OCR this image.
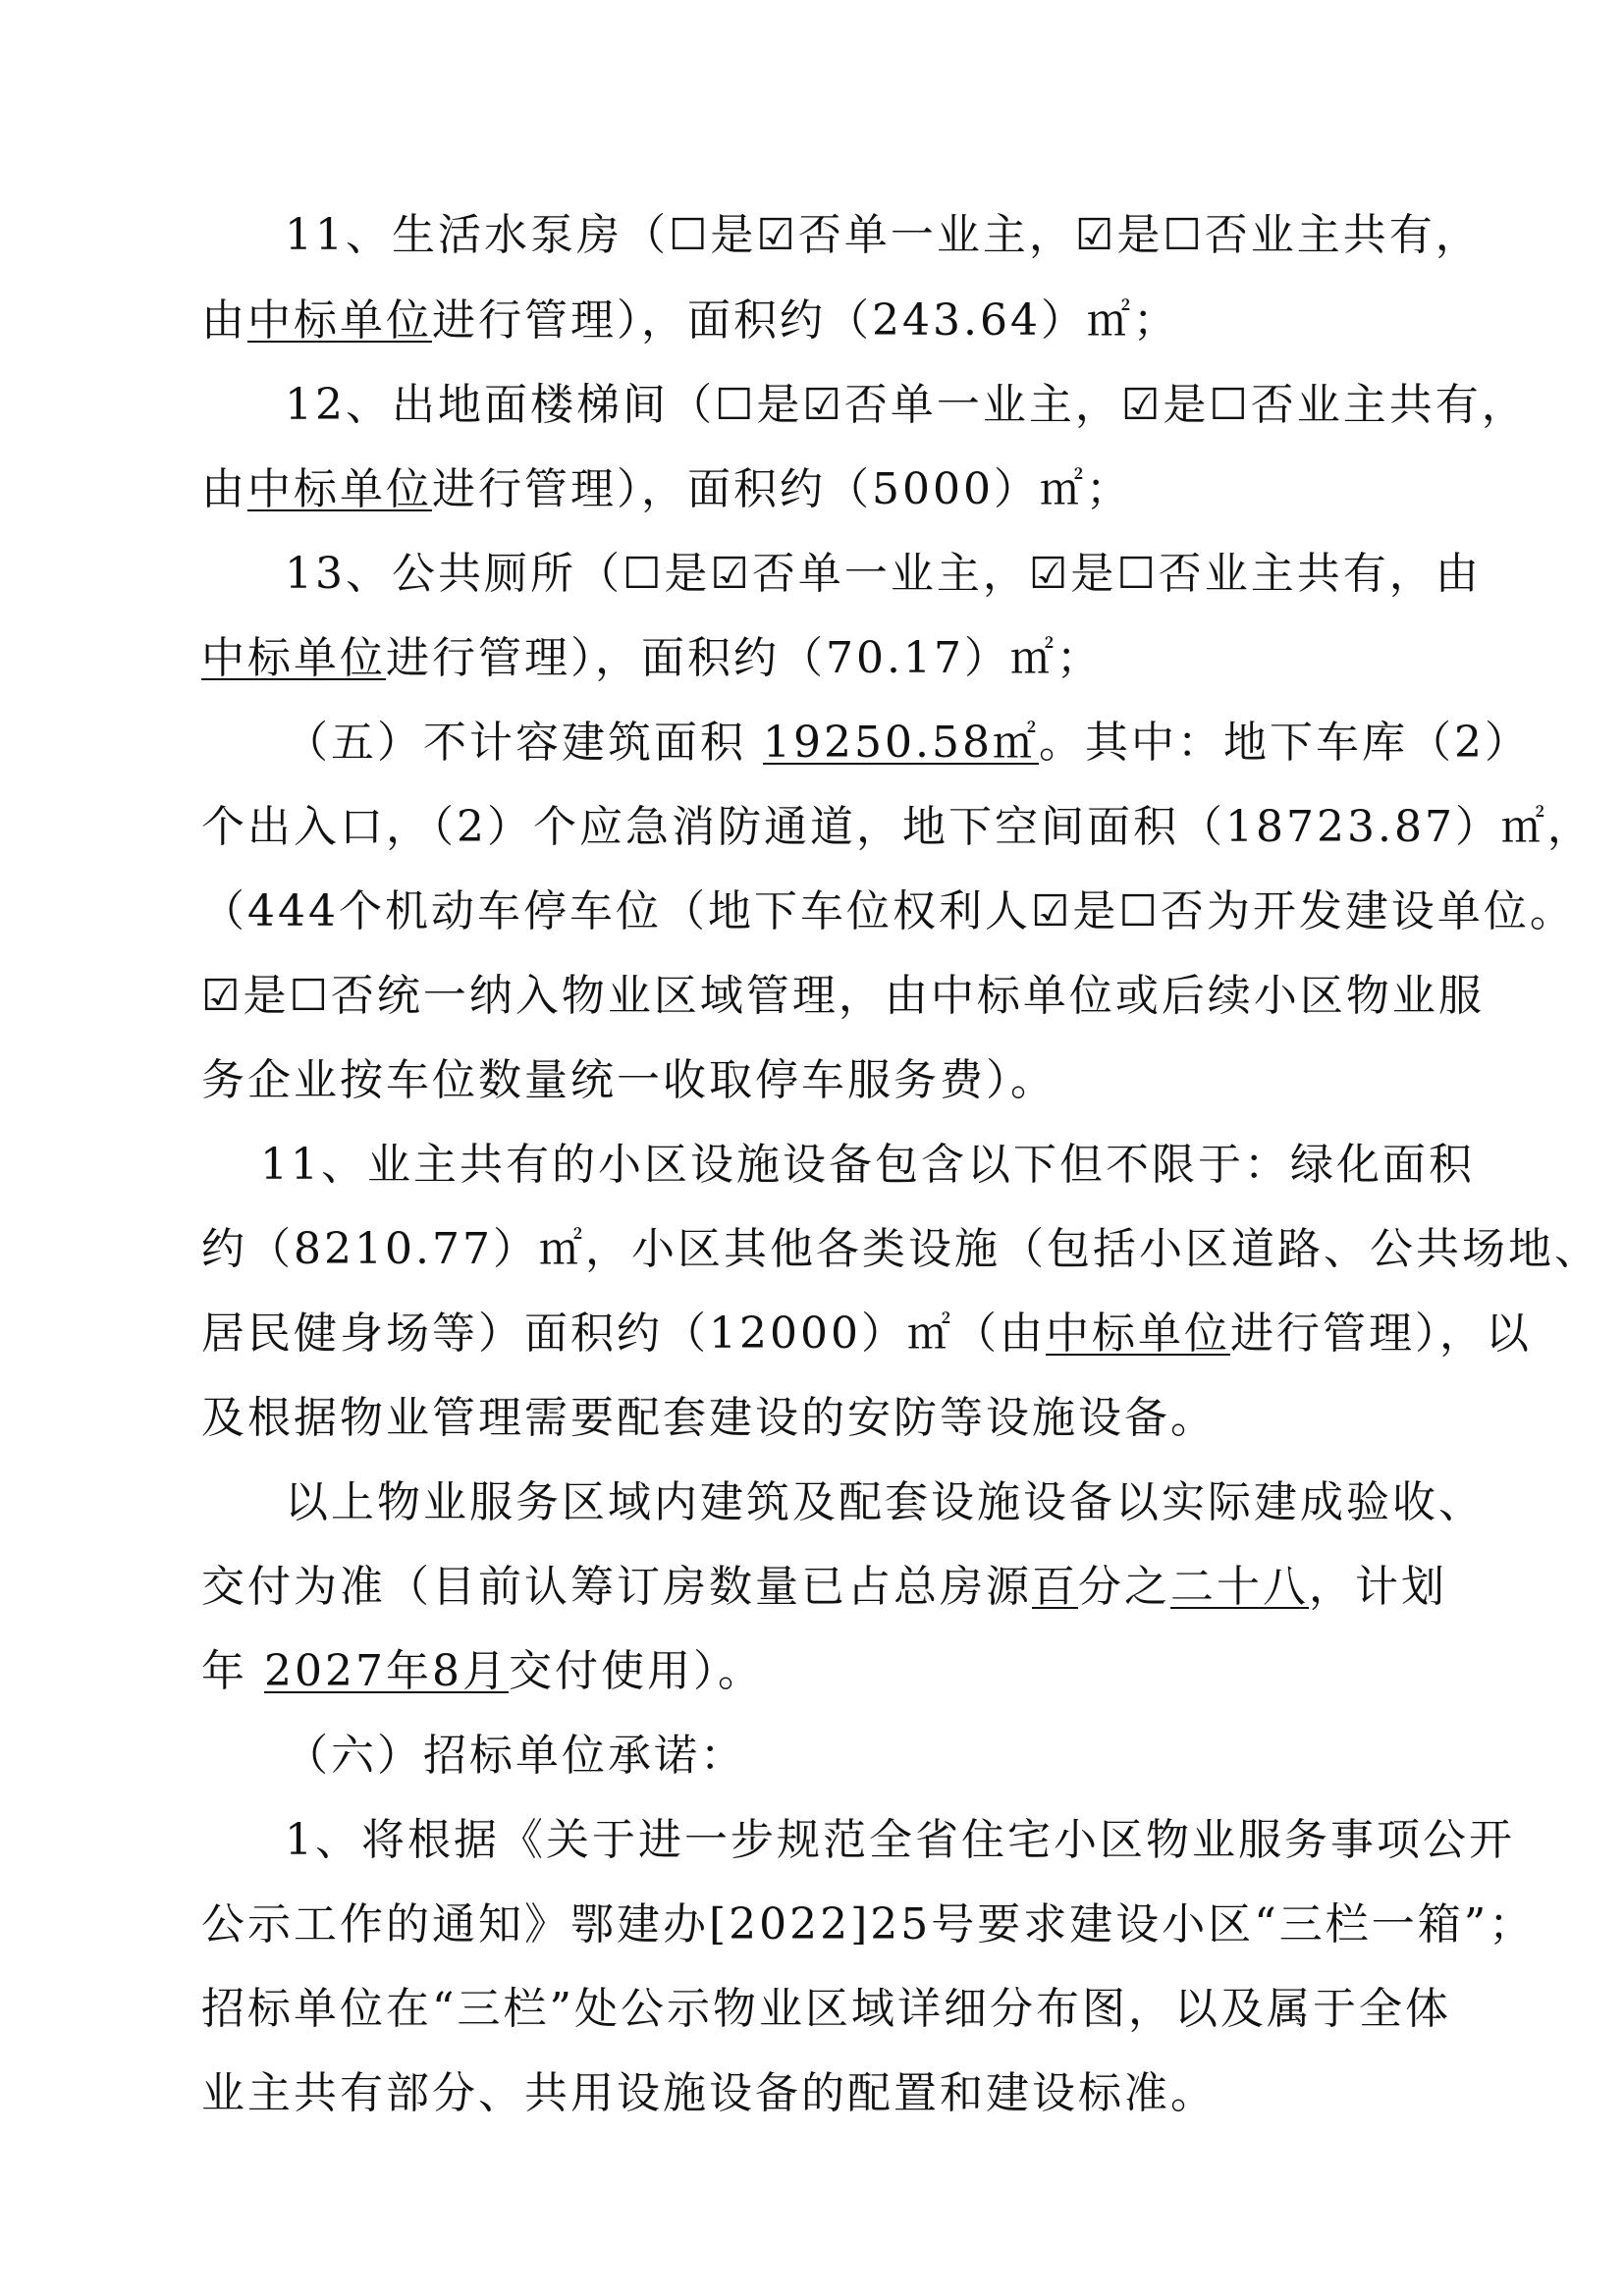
11、生活水泵房（☐是☑否单一业主，☑是☐否业主共有，
由中标单位进行管理），面积约（243.64）㎡；
12、出地面楼梯间（☐是☑否单一业主，☑是☐否业主共有，
由中标单位进行管理），面积约（5000）㎡；
13、公共厕所（☐是☑否单一业主，☑是☐否业主共有，由
中标单位进行管理），面积约（70.17）㎡；
（五）不计容建筑面积 19250.58㎡。其中：地下车库（2）
个出入口，（2）个应急消防通道，地下空间面积（18723.87）㎡，
（444个机动车停车位（地下车位权利人☑是☐否为开发建设单位。
☑是☐否统一纳入物业区域管理，由中标单位或后续小区物业服
务企业按车位数量统一收取停车服务费）。
11、业主共有的小区设施设备包含以下但不限于：绿化面积
约（8210.77）㎡，小区其他各类设施（包括小区道路、公共场地、
居民健身场等）面积约（12000）㎡（由中标单位进行管理），以
及根据物业管理需要配套建设的安防等设施设备。
以上物业服务区域内建筑及配套设施设备以实际建成验收、
交付为准（目前认筹订房数量已占总房源百分之二十八，计划
年 2027年8月交付使用）。
（六）招标单位承诺：
1、将根据《关于进一步规范全省住宅小区物业服务事项公开
公示工作的通知》鄂建办[2022]25号要求建设小区“三栏一箱”；
招标单位在“三栏”处公示物业区域详细分布图，以及属于全体
业主共有部分、共用设施设备的配置和建设标准。
